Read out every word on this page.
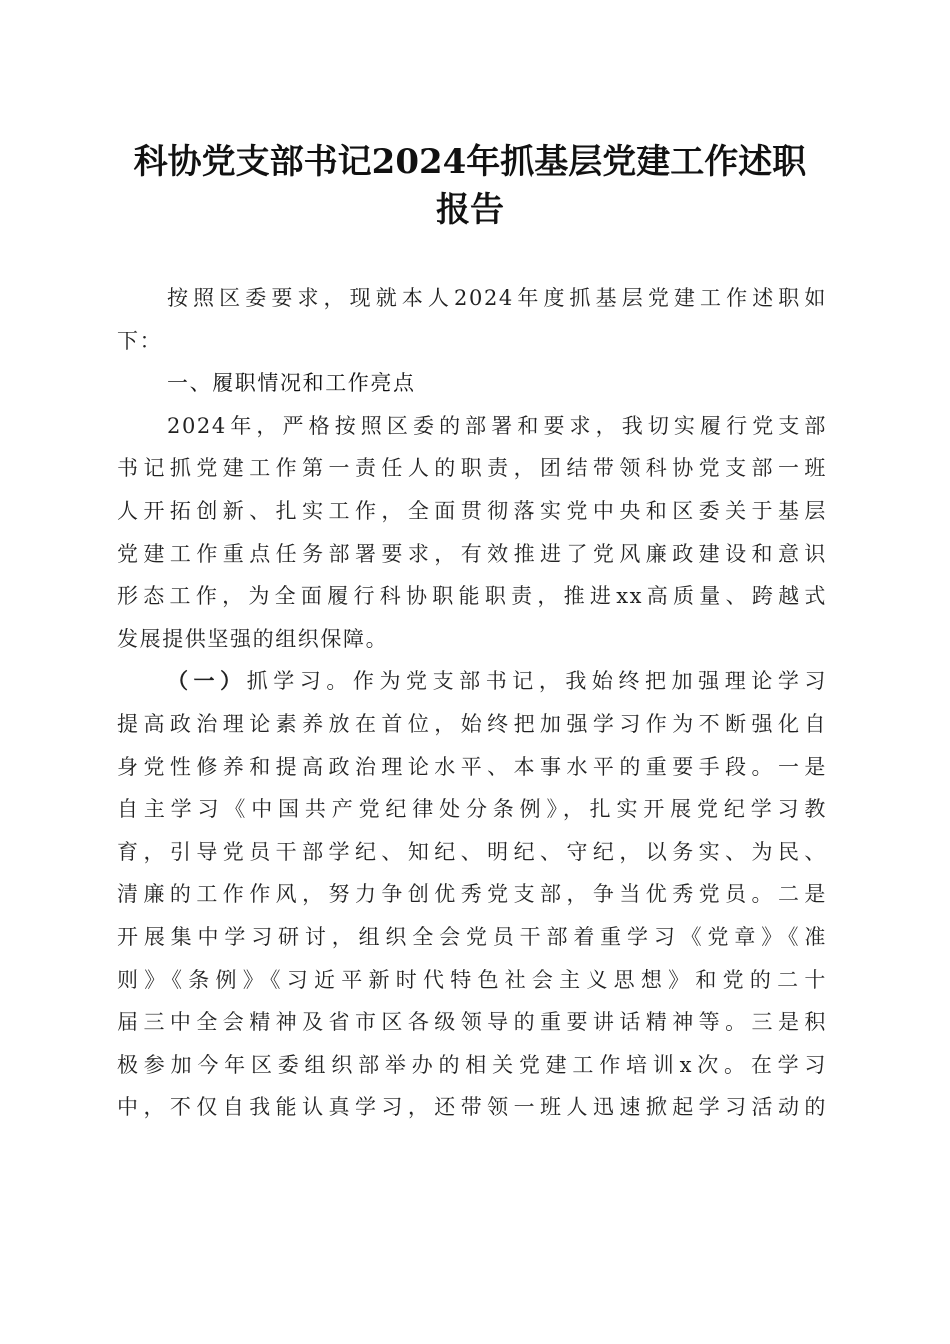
科协党支部书记2024年抓基层党建工作述职
报告
按照区委要求，现就本人2024年度抓基层党建工作述职如
下：
一、履职情况和工作亮点
2024年，严格按照区委的部署和要求，我切实履行党支部
书记抓党建工作第一责任人的职责，团结带领科协党支部一班
人开拓创新、扎实工作，全面贯彻落实党中央和区委关于基层
党建工作重点任务部署要求，有效推进了党风廉政建设和意识
形态工作，为全面履行科协职能职责，推进xx高质量、跨越式
发展提供坚强的组织保障。
（一）抓学习。作为党支部书记，我始终把加强理论学习
提高政治理论素养放在首位，始终把加强学习作为不断强化自
身党性修养和提高政治理论水平、本事水平的重要手段。一是
自主学习《中国共产党纪律处分条例》，扎实开展党纪学习教
育，引导党员干部学纪、知纪、明纪、守纪，以务实、为民、
清廉的工作作风，努力争创优秀党支部，争当优秀党员。二是
开展集中学习研讨，组织全会党员干部着重学习《党章》《准
则》《条例》《习近平新时代特色社会主义思想》和党的二十
届三中全会精神及省市区各级领导的重要讲话精神等。三是积
极参加今年区委组织部举办的相关党建工作培训x次。在学习
中，不仅自我能认真学习，还带领一班人迅速掀起学习活动的
